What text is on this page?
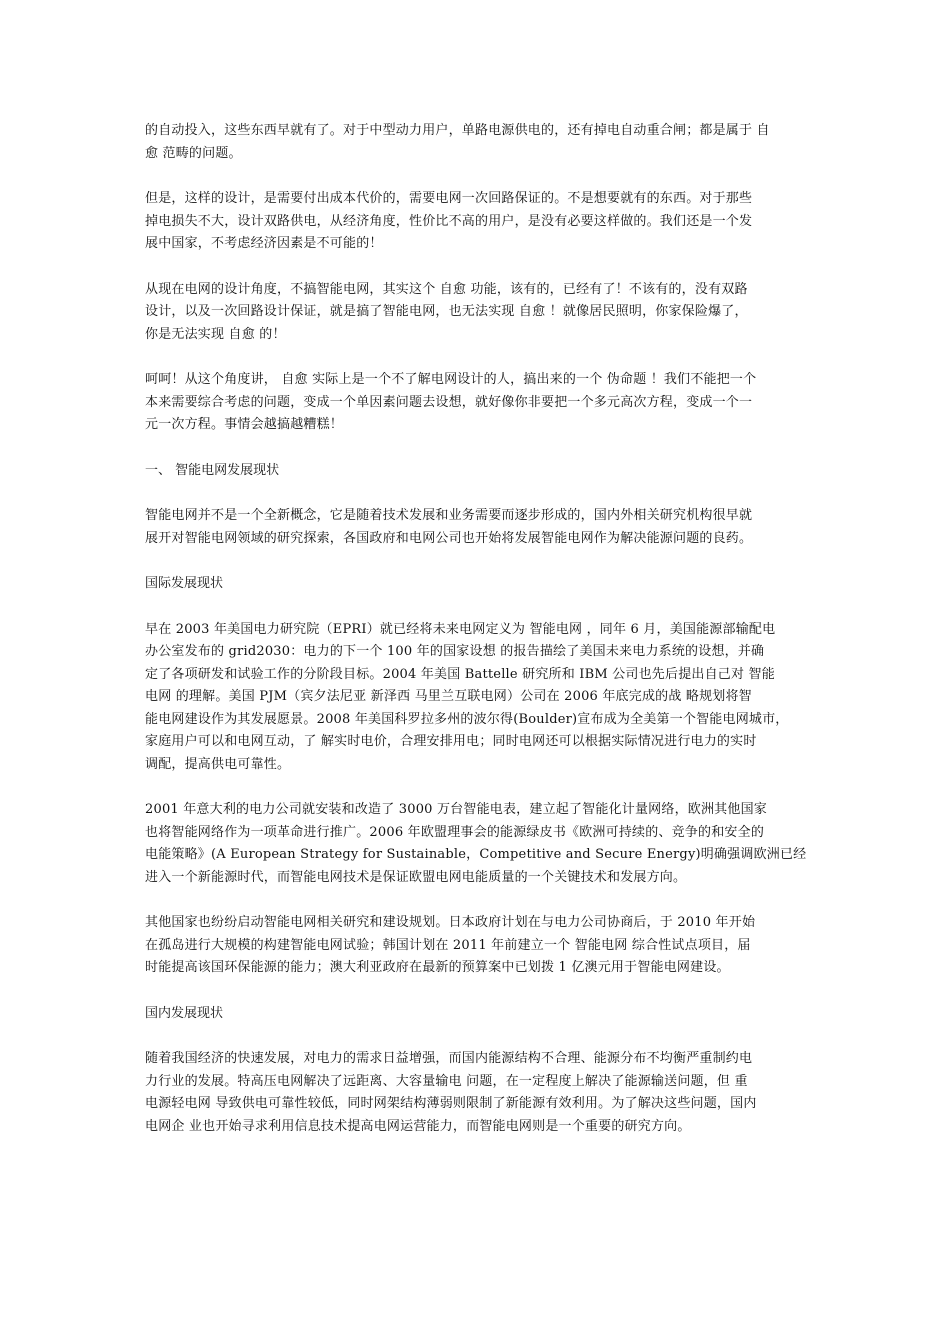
的自动投入，这些东西早就有了。对于中型动力用户，单路电源供电的，还有掉电自动重合闸；都是属于 自
愈 范畴的问题。

但是，这样的设计，是需要付出成本代价的，需要电网一次回路保证的。不是想要就有的东西。对于那些
掉电损失不大，设计双路供电，从经济角度，性价比不高的用户，是没有必要这样做的。我们还是一个发
展中国家，不考虑经济因素是不可能的！

从现在电网的设计角度，不搞智能电网，其实这个 自愈 功能，该有的，已经有了！不该有的，没有双路
设计，以及一次回路设计保证，就是搞了智能电网，也无法实现 自愈 ！就像居民照明，你家保险爆了，
你是无法实现 自愈 的！

呵呵！从这个角度讲， 自愈 实际上是一个不了解电网设计的人，搞出来的一个 伪命题 ！我们不能把一个
本来需要综合考虑的问题，变成一个单因素问题去设想，就好像你非要把一个多元高次方程，变成一个一
元一次方程。事情会越搞越糟糕！

一、 智能电网发展现状

智能电网并不是一个全新概念，它是随着技术发展和业务需要而逐步形成的，国内外相关研究机构很早就
展开对智能电网领域的研究探索，各国政府和电网公司也开始将发展智能电网作为解决能源问题的良药。

国际发展现状

早在 2003 年美国电力研究院（EPRI）就已经将未来电网定义为 智能电网 ，同年 6 月，美国能源部输配电
办公室发布的 grid2030：电力的下一个 100 年的国家设想 的报告描绘了美国未来电力系统的设想，并确
定了各项研发和试验工作的分阶段目标。2004 年美国 Battelle 研究所和 IBM 公司也先后提出自己对 智能
电网 的理解。美国 PJM（宾夕法尼亚 新泽西 马里兰互联电网）公司在 2006 年底完成的战 略规划将智
能电网建设作为其发展愿景。2008 年美国科罗拉多州的波尔得(Boulder)宣布成为全美第一个智能电网城市，
家庭用户可以和电网互动，了 解实时电价，合理安排用电；同时电网还可以根据实际情况进行电力的实时
调配，提高供电可靠性。

2001 年意大利的电力公司就安装和改造了 3000 万台智能电表，建立起了智能化计量网络，欧洲其他国家
也将智能网络作为一项革命进行推广。2006 年欧盟理事会的能源绿皮书《欧洲可持续的、竞争的和安全的
电能策略》(A European Strategy for Sustainable，Competitive and Secure Energy)明确强调欧洲已经
进入一个新能源时代，而智能电网技术是保证欧盟电网电能质量的一个关键技术和发展方向。

其他国家也纷纷启动智能电网相关研究和建设规划。日本政府计划在与电力公司协商后，于 2010 年开始
在孤岛进行大规模的构建智能电网试验；韩国计划在 2011 年前建立一个 智能电网 综合性试点项目，届
时能提高该国环保能源的能力；澳大利亚政府在最新的预算案中已划拨 1 亿澳元用于智能电网建设。

国内发展现状

随着我国经济的快速发展，对电力的需求日益增强，而国内能源结构不合理、能源分布不均衡严重制约电
力行业的发展。特高压电网解决了远距离、大容量输电 问题，在一定程度上解决了能源输送问题，但 重
电源轻电网 导致供电可靠性较低，同时网架结构薄弱则限制了新能源有效利用。为了解决这些问题，国内
电网企 业也开始寻求利用信息技术提高电网运营能力，而智能电网则是一个重要的研究方向。
